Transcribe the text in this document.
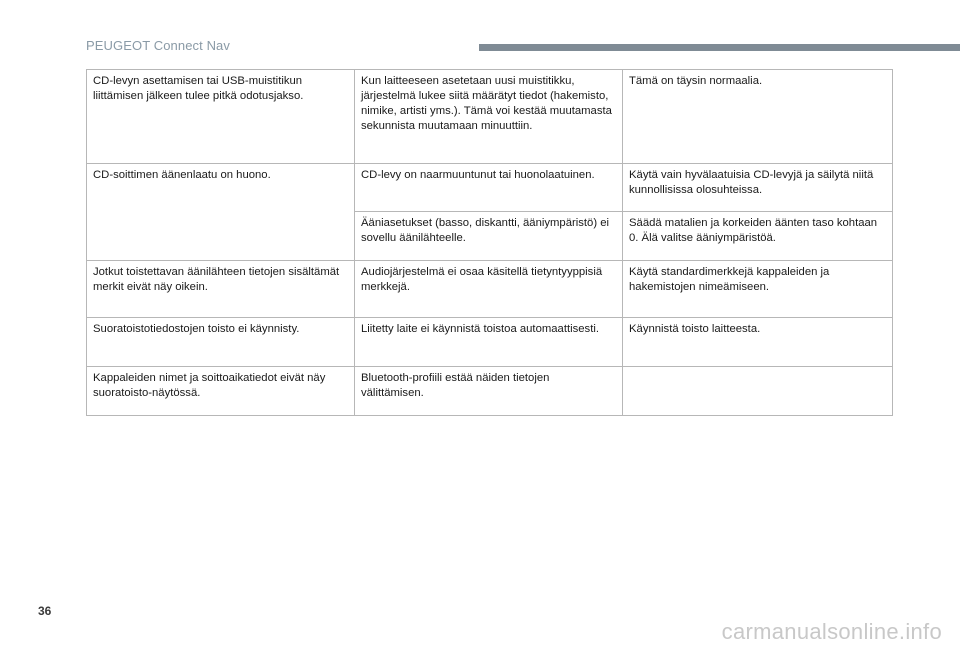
PEUGEOT Connect Nav
CD-levyn asettamisen tai USB-muistitikun liittämisen jälkeen tulee pitkä odotusjakso.	Kun laitteeseen asetetaan uusi muistitikku, järjestelmä lukee siitä määrätyt tiedot (hakemisto, nimike, artisti yms.). Tämä voi kestää muutamasta sekunnista muutamaan minuuttiin.	Tämä on täysin normaalia.
CD-soittimen äänenlaatu on huono.	CD-levy on naarmuuntunut tai huonolaatuinen.	Käytä vain hyvälaatuisia CD-levyjä ja säilytä niitä kunnollisissa olosuhteissa.
	Ääniasetukset (basso, diskantti, ääniympäristö) ei sovellu äänilähteelle.	Säädä matalien ja korkeiden äänten taso kohtaan 0. Älä valitse ääniympäristöä.
Jotkut toistettavan äänilähteen tietojen sisältämät merkit eivät näy oikein.	Audiojärjestelmä ei osaa käsitellä tietyntyyppisiä merkkejä.	Käytä standardimerkkejä kappaleiden ja hakemistojen nimeämiseen.
Suoratoistotiedostojen toisto ei käynnisty.	Liitetty laite ei käynnistä toistoa automaattisesti.	Käynnistä toisto laitteesta.
Kappaleiden nimet ja soittoaikatiedot eivät näy suoratoisto-näytössä.	Bluetooth-profiili estää näiden tietojen välittämisen.	
36
carmanualsonline.info
